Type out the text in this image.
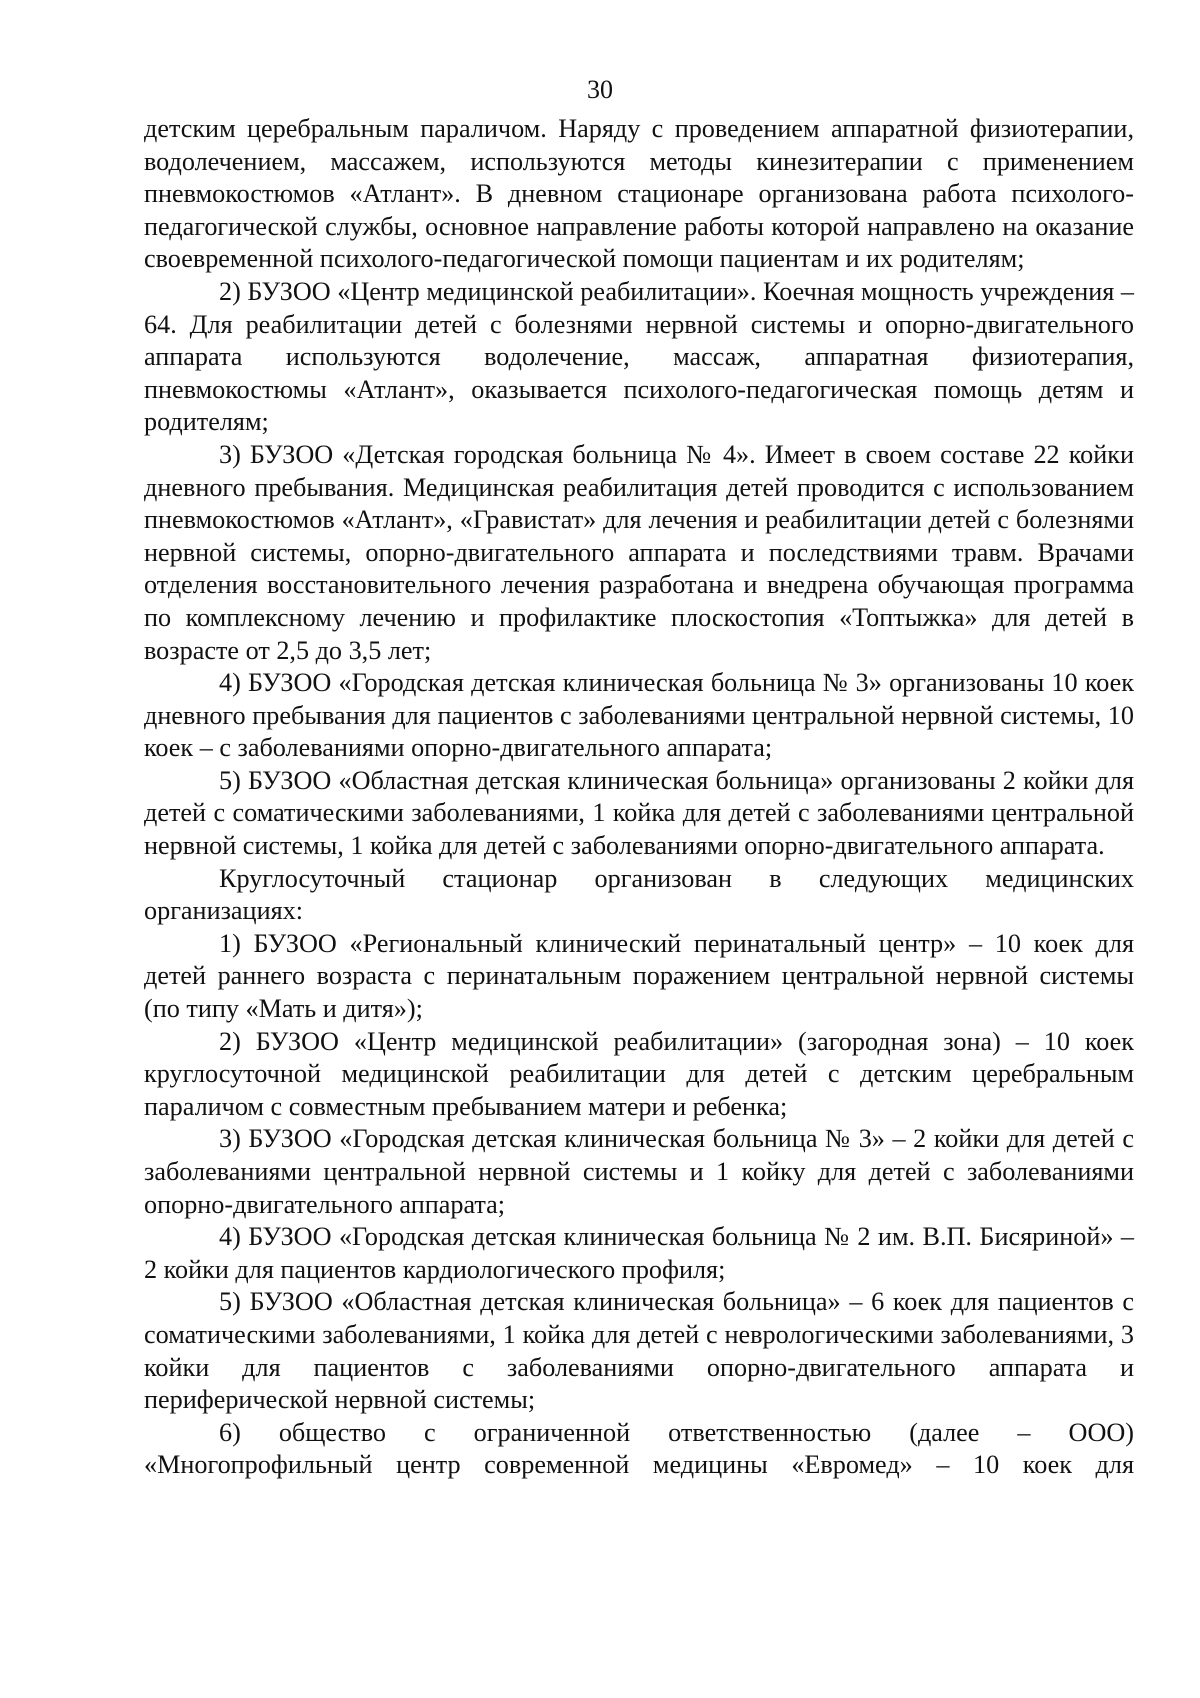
30

детским церебральным параличом. Наряду с проведением аппаратной физиотерапии, водолечением, массажем, используются методы кинезитерапии с применением пневмокостюмов «Атлант». В дневном стационаре организована работа психолого-педагогической службы, основное направление работы которой направлено на оказание своевременной психолого-педагогической помощи пациентам и их родителям;

2) БУЗОО «Центр медицинской реабилитации». Коечная мощность учреждения – 64. Для реабилитации детей с болезнями нервной системы и опорно-двигательного аппарата используются водолечение, массаж, аппаратная физиотерапия, пневмокостюмы «Атлант», оказывается психолого-педагогическая помощь детям и родителям;

3) БУЗОО «Детская городская больница № 4». Имеет в своем составе 22 койки дневного пребывания. Медицинская реабилитация детей проводится с использованием пневмокостюмов «Атлант», «Гравистат» для лечения и реабилитации детей с болезнями нервной системы, опорно-двигательного аппарата и последствиями травм. Врачами отделения восстановительного лечения разработана и внедрена обучающая программа по комплексному лечению и профилактике плоскостопия «Топтыжка» для детей в возрасте от 2,5 до 3,5 лет;

4) БУЗОО «Городская детская клиническая больница № 3» организованы 10 коек дневного пребывания для пациентов с заболеваниями центральной нервной системы, 10 коек – с заболеваниями опорно-двигательного аппарата;

5) БУЗОО «Областная детская клиническая больница» организованы 2 койки для детей с соматическими заболеваниями, 1 койка для детей с заболеваниями центральной нервной системы, 1 койка для детей с заболеваниями опорно-двигательного аппарата.

Круглосуточный стационар организован в следующих медицинских организациях:

1) БУЗОО «Региональный клинический перинатальный центр» – 10 коек для детей раннего возраста с перинатальным поражением центральной нервной системы (по типу «Мать и дитя»);

2) БУЗОО «Центр медицинской реабилитации» (загородная зона) – 10 коек круглосуточной медицинской реабилитации для детей с детским церебральным параличом с совместным пребыванием матери и ребенка;

3) БУЗОО «Городская детская клиническая больница № 3» – 2 койки для детей с заболеваниями центральной нервной системы и 1 койку для детей с заболеваниями опорно-двигательного аппарата;

4) БУЗОО «Городская детская клиническая больница № 2 им. В.П. Бисяриной» – 2 койки для пациентов кардиологического профиля;

5) БУЗОО «Областная детская клиническая больница» – 6 коек для пациентов с соматическими заболеваниями, 1 койка для детей с неврологическими заболеваниями, 3 койки для пациентов с заболеваниями опорно-двигательного аппарата и периферической нервной системы;

6) общество с ограниченной ответственностью (далее – ООО) «Многопрофильный центр современной медицины «Евромед» – 10 коек для
